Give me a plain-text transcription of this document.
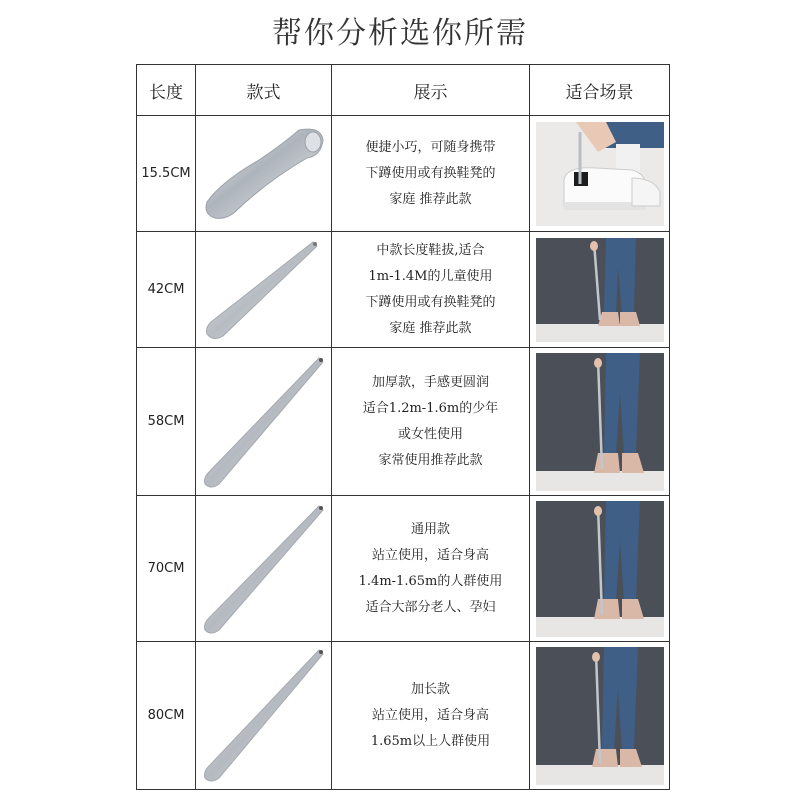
帮你分析选你所需
长度	款式	展示	适合场景
15.5CM		便捷小巧，可随身携带
下蹲使用或有换鞋凳的
家庭 推荐此款

42CM		中款长度鞋拔,适合
1m-1.4M的儿童使用
下蹲使用或有换鞋凳的
家庭 推荐此款

58CM		加厚款，手感更圆润
适合1.2m-1.6m的少年
或女性使用
家常使用推荐此款

70CM		通用款
站立使用，适合身高
1.4m-1.65m的人群使用
适合大部分老人、孕妇

80CM		加长款
站立使用，适合身高
1.65m以上人群使用
